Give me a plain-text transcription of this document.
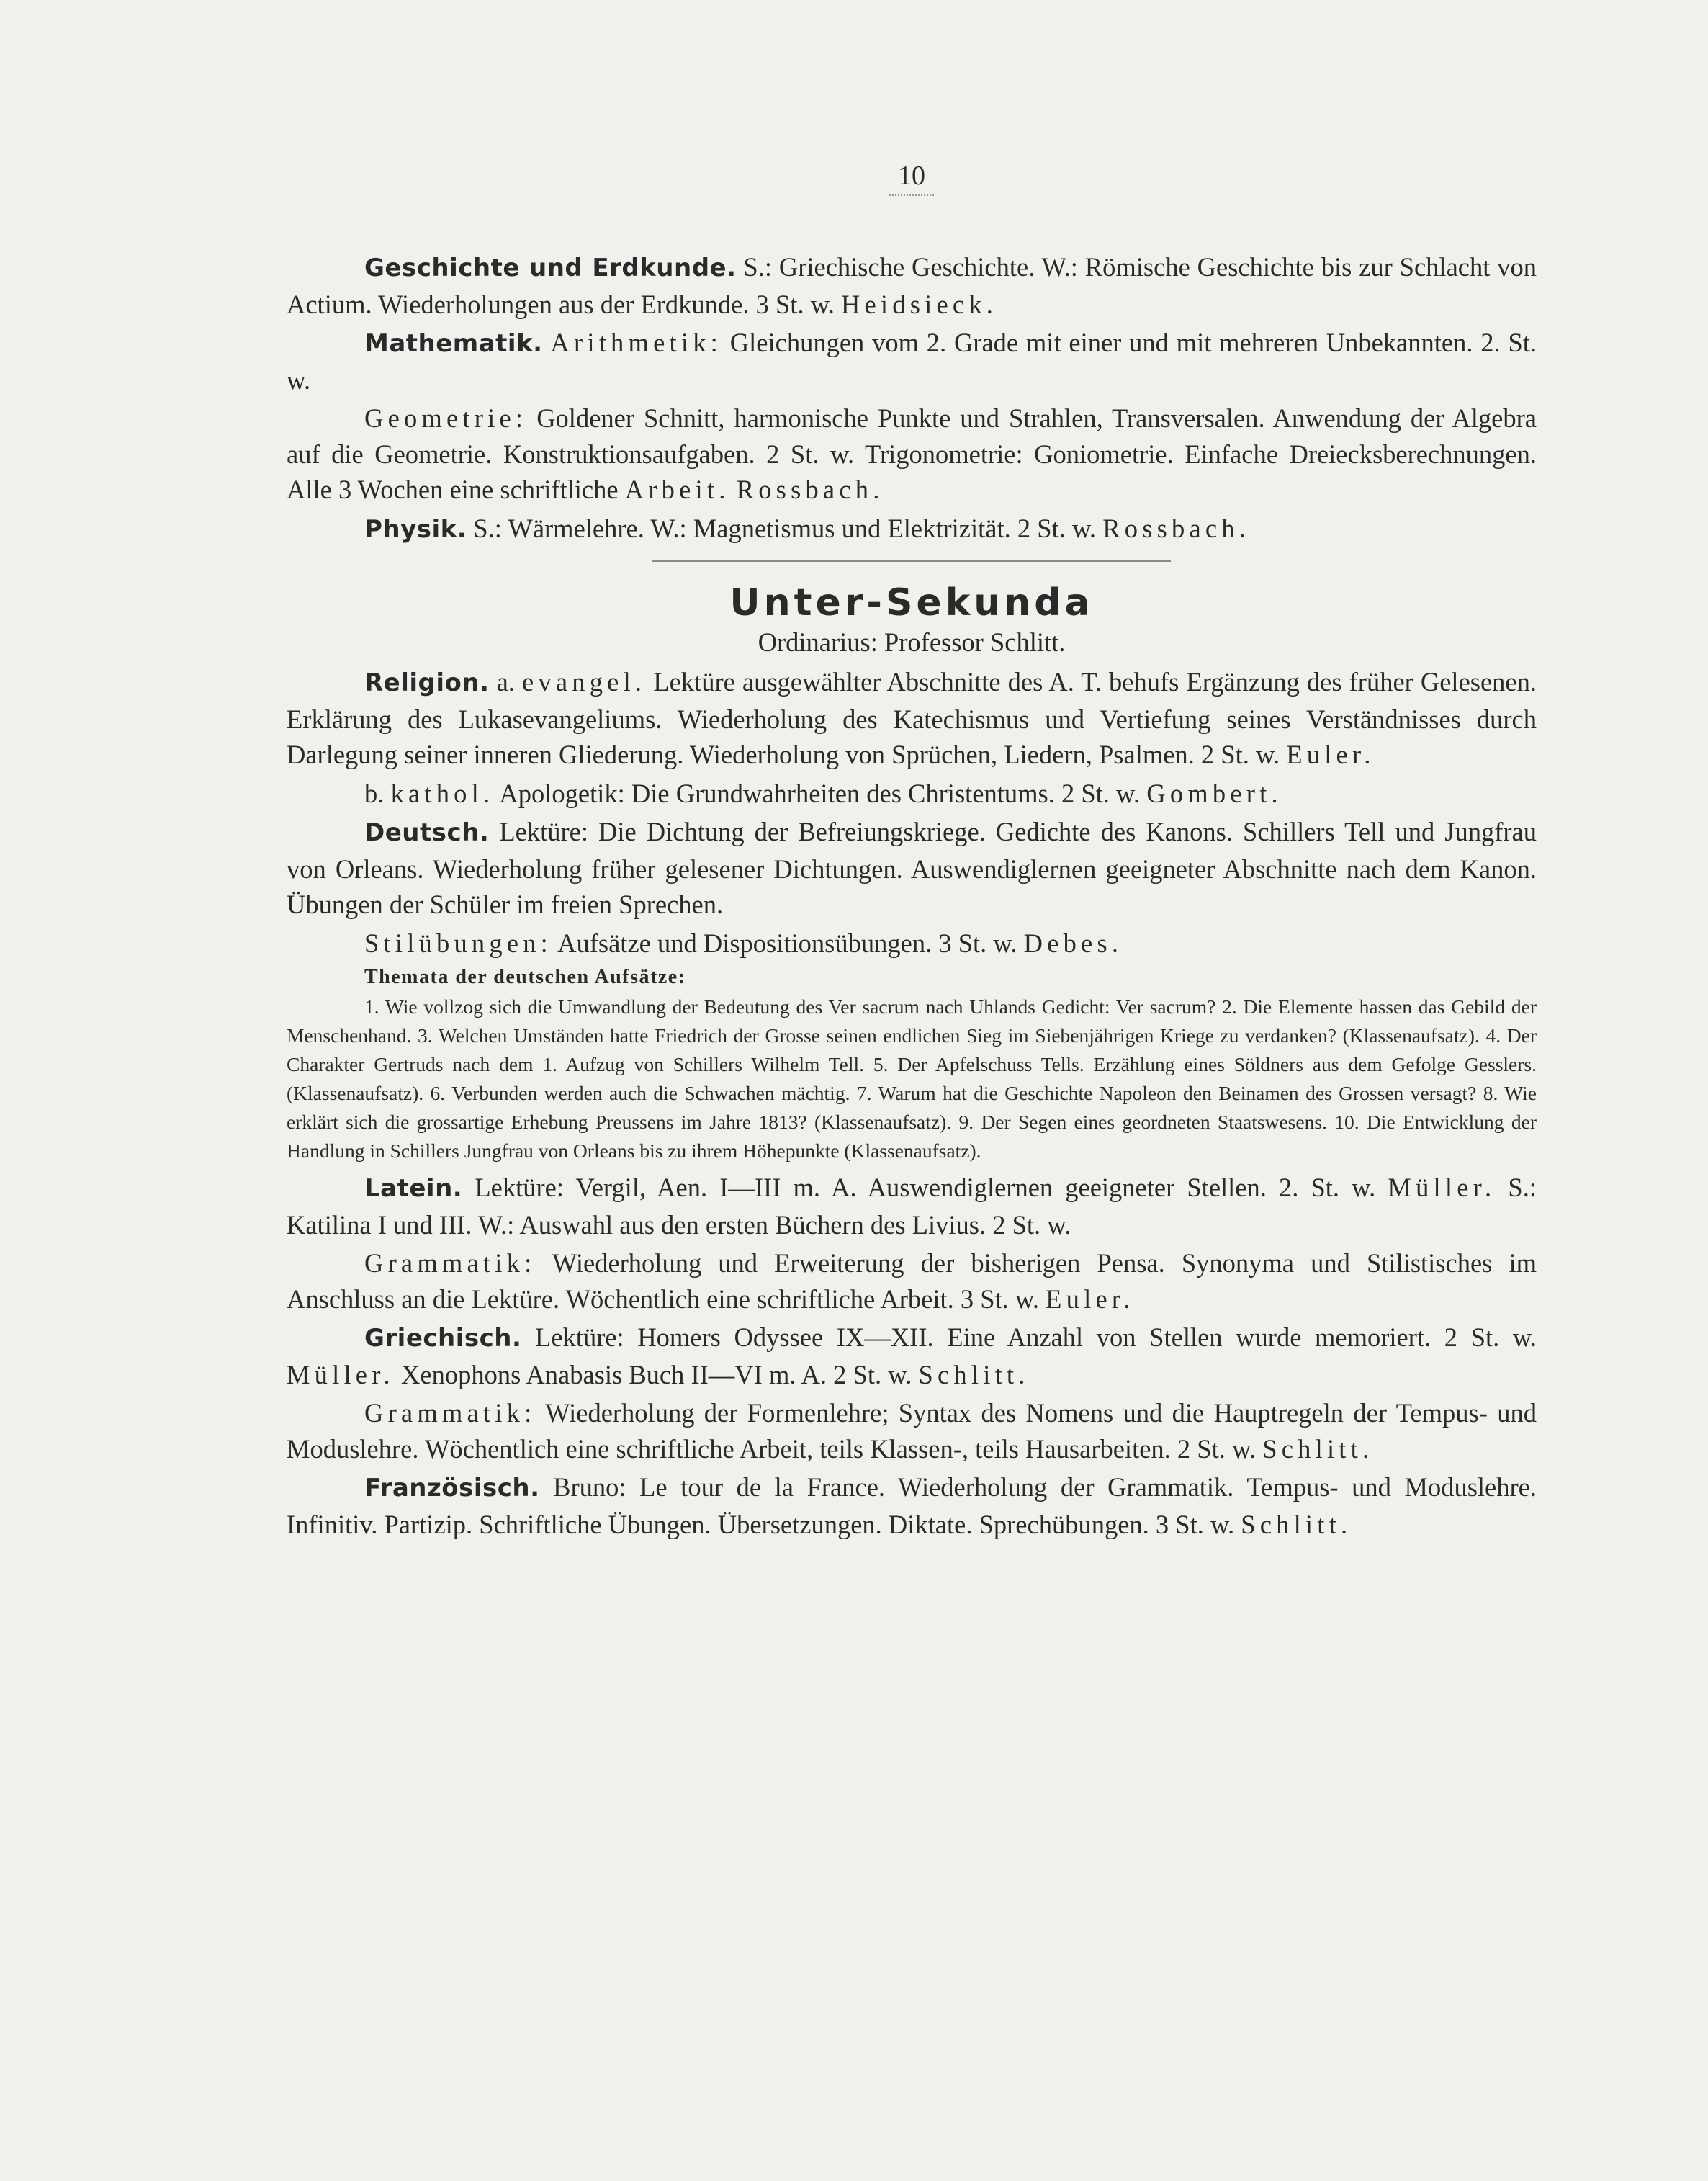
10

Geschichte und Erdkunde. S.: Griechische Geschichte. W.: Römische Geschichte bis zur Schlacht von Actium. Wiederholungen aus der Erdkunde. 3 St. w. Heidsieck.

Mathematik. Arithmetik: Gleichungen vom 2. Grade mit einer und mit mehreren Unbekannten. 2. St. w.

Geometrie: Goldener Schnitt, harmonische Punkte und Strahlen, Transversalen. Anwendung der Algebra auf die Geometrie. Konstruktionsaufgaben. 2 St. w. Trigonometrie: Goniometrie. Einfache Dreiecksberechnungen. Alle 3 Wochen eine schriftliche Arbeit. Rossbach.

Physik. S.: Wärmelehre. W.: Magnetismus und Elektrizität. 2 St. w. Rossbach.

Unter-Sekunda
Ordinarius: Professor Schlitt.

Religion. a. evangel. Lektüre ausgewählter Abschnitte des A. T. behufs Ergänzung des früher Gelesenen. Erklärung des Lukasevangeliums. Wiederholung des Katechismus und Vertiefung seines Verständnisses durch Darlegung seiner inneren Gliederung. Wiederholung von Sprüchen, Liedern, Psalmen. 2 St. w. Euler.

b. kathol. Apologetik: Die Grundwahrheiten des Christentums. 2 St. w. Gombert.

Deutsch. Lektüre: Die Dichtung der Befreiungskriege. Gedichte des Kanons. Schillers Tell und Jungfrau von Orleans. Wiederholung früher gelesener Dichtungen. Auswendiglernen geeigneter Abschnitte nach dem Kanon. Übungen der Schüler im freien Sprechen.

Stilübungen: Aufsätze und Dispositionsübungen. 3 St. w. Debes.

Themata der deutschen Aufsätze:

1. Wie vollzog sich die Umwandlung der Bedeutung des Ver sacrum nach Uhlands Gedicht: Ver sacrum? 2. Die Elemente hassen das Gebild der Menschenhand. 3. Welchen Umständen hatte Friedrich der Grosse seinen endlichen Sieg im Siebenjährigen Kriege zu verdanken? (Klassenaufsatz). 4. Der Charakter Gertruds nach dem 1. Aufzug von Schillers Wilhelm Tell. 5. Der Apfelschuss Tells. Erzählung eines Söldners aus dem Gefolge Gesslers. (Klassenaufsatz). 6. Verbunden werden auch die Schwachen mächtig. 7. Warum hat die Geschichte Napoleon den Beinamen des Grossen versagt? 8. Wie erklärt sich die grossartige Erhebung Preussens im Jahre 1813? (Klassenaufsatz). 9. Der Segen eines geordneten Staatswesens. 10. Die Entwicklung der Handlung in Schillers Jungfrau von Orleans bis zu ihrem Höhepunkte (Klassenaufsatz).

Latein. Lektüre: Vergil, Aen. I—III m. A. Auswendiglernen geeigneter Stellen. 2. St. w. Müller. S.: Katilina I und III. W.: Auswahl aus den ersten Büchern des Livius. 2 St. w.

Grammatik: Wiederholung und Erweiterung der bisherigen Pensa. Synonyma und Stilistisches im Anschluss an die Lektüre. Wöchentlich eine schriftliche Arbeit. 3 St. w. Euler.

Griechisch. Lektüre: Homers Odyssee IX—XII. Eine Anzahl von Stellen wurde memoriert. 2 St. w. Müller. Xenophons Anabasis Buch II—VI m. A. 2 St. w. Schlitt.

Grammatik: Wiederholung der Formenlehre; Syntax des Nomens und die Hauptregeln der Tempus- und Moduslehre. Wöchentlich eine schriftliche Arbeit, teils Klassen-, teils Hausarbeiten. 2 St. w. Schlitt.

Französisch. Bruno: Le tour de la France. Wiederholung der Grammatik. Tempus- und Moduslehre. Infinitiv. Partizip. Schriftliche Übungen. Übersetzungen. Diktate. Sprechübungen. 3 St. w. Schlitt.
